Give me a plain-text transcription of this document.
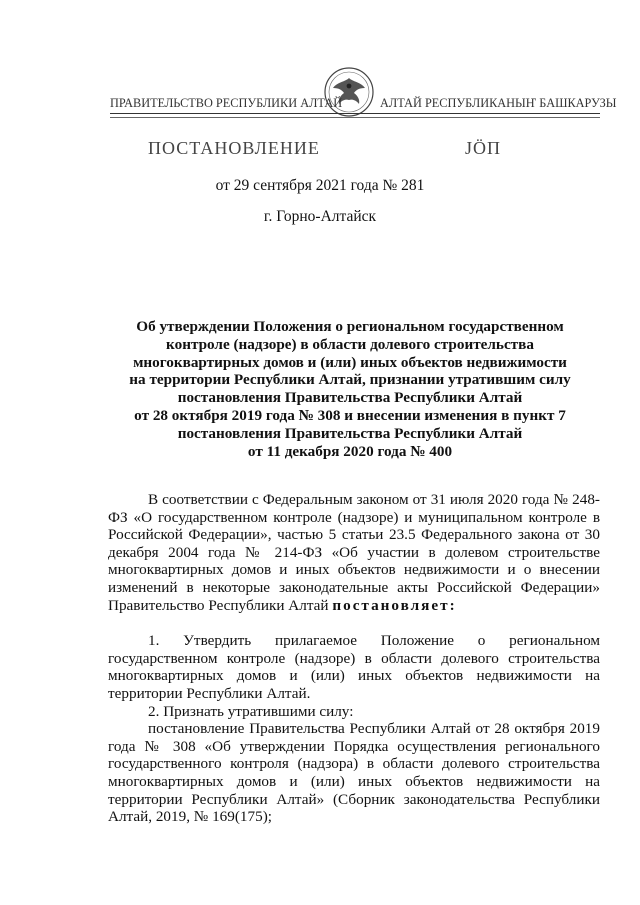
ПРАВИТЕЛЬСТВО РЕСПУБЛИКИ АЛТАЙ	АЛТАЙ РЕСПУБЛИКАНЫҤ БАШКАРУЗЫ
ПОСТАНОВЛЕНИЕ	ЈӦП
от 29 сентября 2021 года № 281
г. Горно-Алтайск
Об утверждении Положения о региональном государственном
контроле (надзоре) в области долевого строительства
многоквартирных домов и (или) иных объектов недвижимости
на территории Республики Алтай, признании утратившим силу
постановления Правительства Республики Алтай
от 28 октября 2019 года № 308 и внесении изменения в пункт 7
постановления Правительства Республики Алтай
от 11 декабря 2020 года № 400

В соответствии с Федеральным законом от 31 июля 2020 года № 248-ФЗ «О государственном контроле (надзоре) и муниципальном контроле в Российской Федерации», частью 5 статьи 23.5 Федерального закона от 30 декабря 2004 года № 214-ФЗ «Об участии в долевом строительстве многоквартирных домов и иных объектов недвижимости и о внесении изменений в некоторые законодательные акты Российской Федерации» Правительство Республики Алтай постановляет:

1. Утвердить прилагаемое Положение о региональном государственном контроле (надзоре) в области долевого строительства многоквартирных домов и (или) иных объектов недвижимости на территории Республики Алтай.

2. Признать утратившими силу:

постановление Правительства Республики Алтай от 28 октября 2019 года № 308 «Об утверждении Порядка осуществления регионального государственного контроля (надзора) в области долевого строительства многоквартирных домов и (или) иных объектов недвижимости на территории Республики Алтай» (Сборник законодательства Республики Алтай, 2019, № 169(175);
